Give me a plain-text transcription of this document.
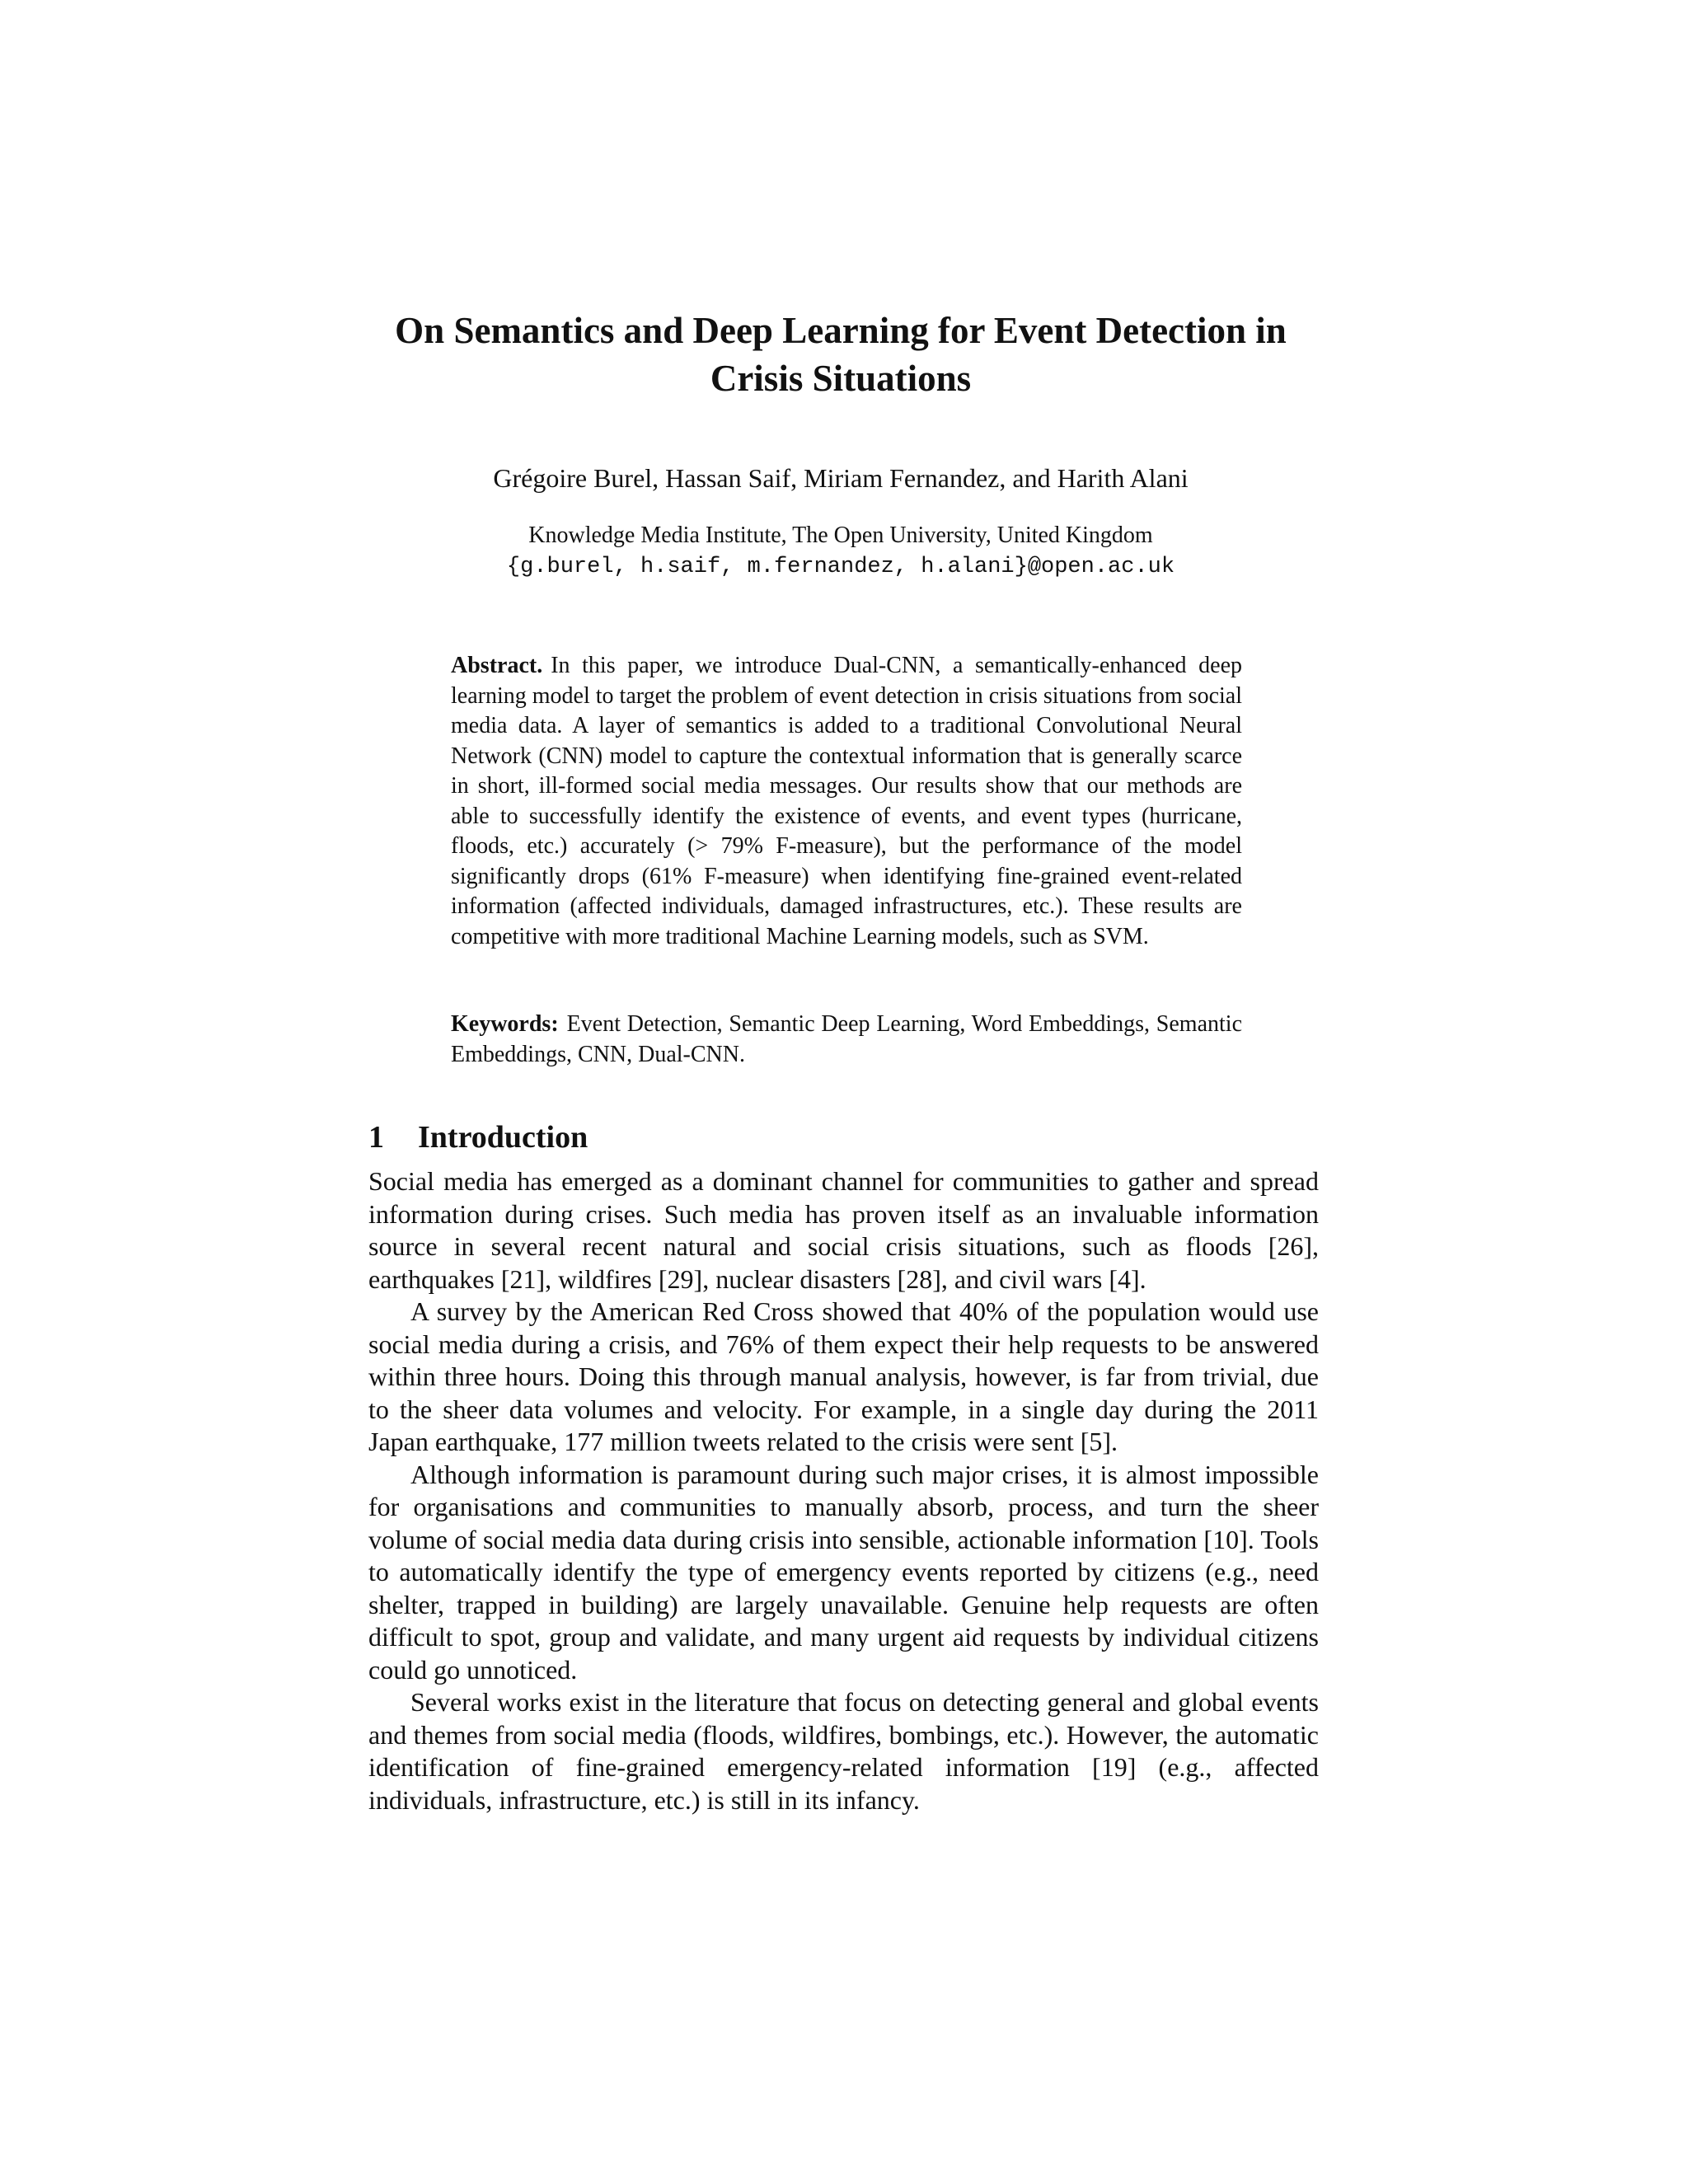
On Semantics and Deep Learning for Event Detection in Crisis Situations
Grégoire Burel, Hassan Saif, Miriam Fernandez, and Harith Alani
Knowledge Media Institute, The Open University, United Kingdom
{g.burel, h.saif, m.fernandez, h.alani}@open.ac.uk

Abstract. In this paper, we introduce Dual-CNN, a semantically-enhanced deep learning model to target the problem of event detection in crisis situations from social media data. A layer of semantics is added to a traditional Convolutional Neural Network (CNN) model to capture the contextual information that is generally scarce in short, ill-formed social media messages. Our results show that our methods are able to successfully identify the existence of events, and event types (hurricane, floods, etc.) accurately (> 79% F-measure), but the performance of the model significantly drops (61% F-measure) when identifying fine-grained event-related information (affected individuals, damaged infrastructures, etc.). These results are competitive with more traditional Machine Learning models, such as SVM.

Keywords: Event Detection, Semantic Deep Learning, Word Embeddings, Semantic Embeddings, CNN, Dual-CNN.

1 Introduction

Social media has emerged as a dominant channel for communities to gather and spread information during crises. Such media has proven itself as an invaluable information source in several recent natural and social crisis situations, such as floods [26], earthquakes [21], wildfires [29], nuclear disasters [28], and civil wars [4].

A survey by the American Red Cross showed that 40% of the population would use social media during a crisis, and 76% of them expect their help requests to be answered within three hours. Doing this through manual analysis, however, is far from trivial, due to the sheer data volumes and velocity. For example, in a single day during the 2011 Japan earthquake, 177 million tweets related to the crisis were sent [5].

Although information is paramount during such major crises, it is almost impossible for organisations and communities to manually absorb, process, and turn the sheer volume of social media data during crisis into sensible, actionable information [10]. Tools to automatically identify the type of emergency events reported by citizens (e.g., need shelter, trapped in building) are largely unavailable. Genuine help requests are often difficult to spot, group and validate, and many urgent aid requests by individual citizens could go unnoticed.

Several works exist in the literature that focus on detecting general and global events and themes from social media (floods, wildfires, bombings, etc.). However, the automatic identification of fine-grained emergency-related information [19] (e.g., affected individuals, infrastructure, etc.) is still in its infancy.
